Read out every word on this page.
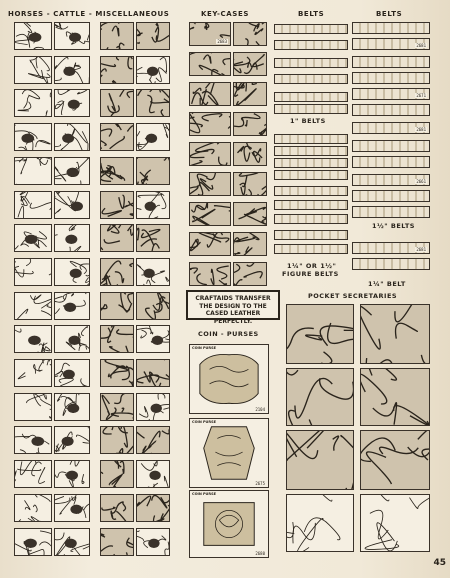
HORSES - CATTLE - MISCELLANEOUS	KEY-CASES	BELTS	BELTS
2683
2681
2671
2681
2661
2681
1" BELTS
1¼" OR 1½"
FIGURE BELTS
1½" BELTS
1¼" BELT
CRAFTAIDS TRANSFER THE DESIGN TO THE CASED LEATHER PERFECTLY.
COIN - PURSES
COIN PURSE
2104
COIN PURSE
2675
COIN PURSE
2680
POCKET SECRETARIES
45
